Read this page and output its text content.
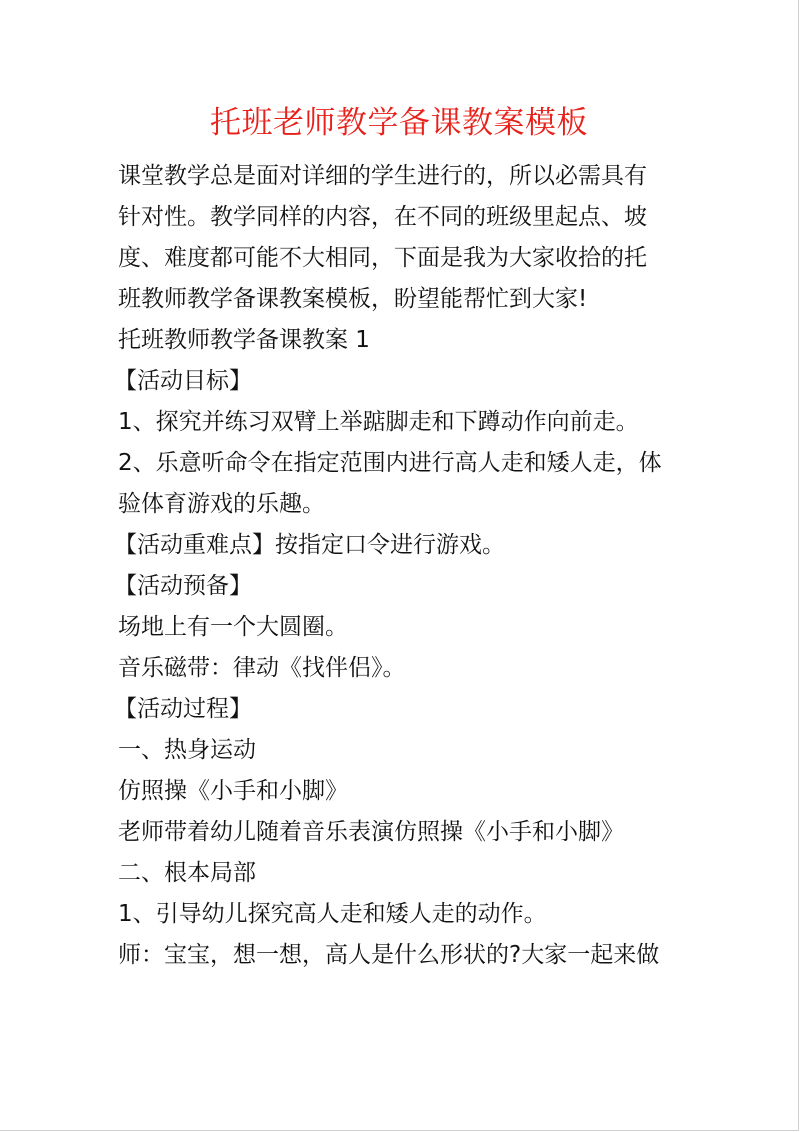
托班老师教学备课教案模板
课堂教学总是面对详细的学生进行的，所以必需具有
针对性。教学同样的内容，在不同的班级里起点、坡
度、难度都可能不大相同，下面是我为大家收拾的托
班教师教学备课教案模板，盼望能帮忙到大家!
托班教师教学备课教案 1
【活动目标】
1、探究并练习双臂上举踮脚走和下蹲动作向前走。
2、乐意听命令在指定范围内进行高人走和矮人走，体
验体育游戏的乐趣。
【活动重难点】按指定口令进行游戏。
【活动预备】
场地上有一个大圆圈。
音乐磁带：律动《找伴侣》。
【活动过程】
一、热身运动
仿照操《小手和小脚》
老师带着幼儿随着音乐表演仿照操《小手和小脚》
二、根本局部
1、引导幼儿探究高人走和矮人走的动作。
师：宝宝，想一想，高人是什么形状的?大家一起来做
